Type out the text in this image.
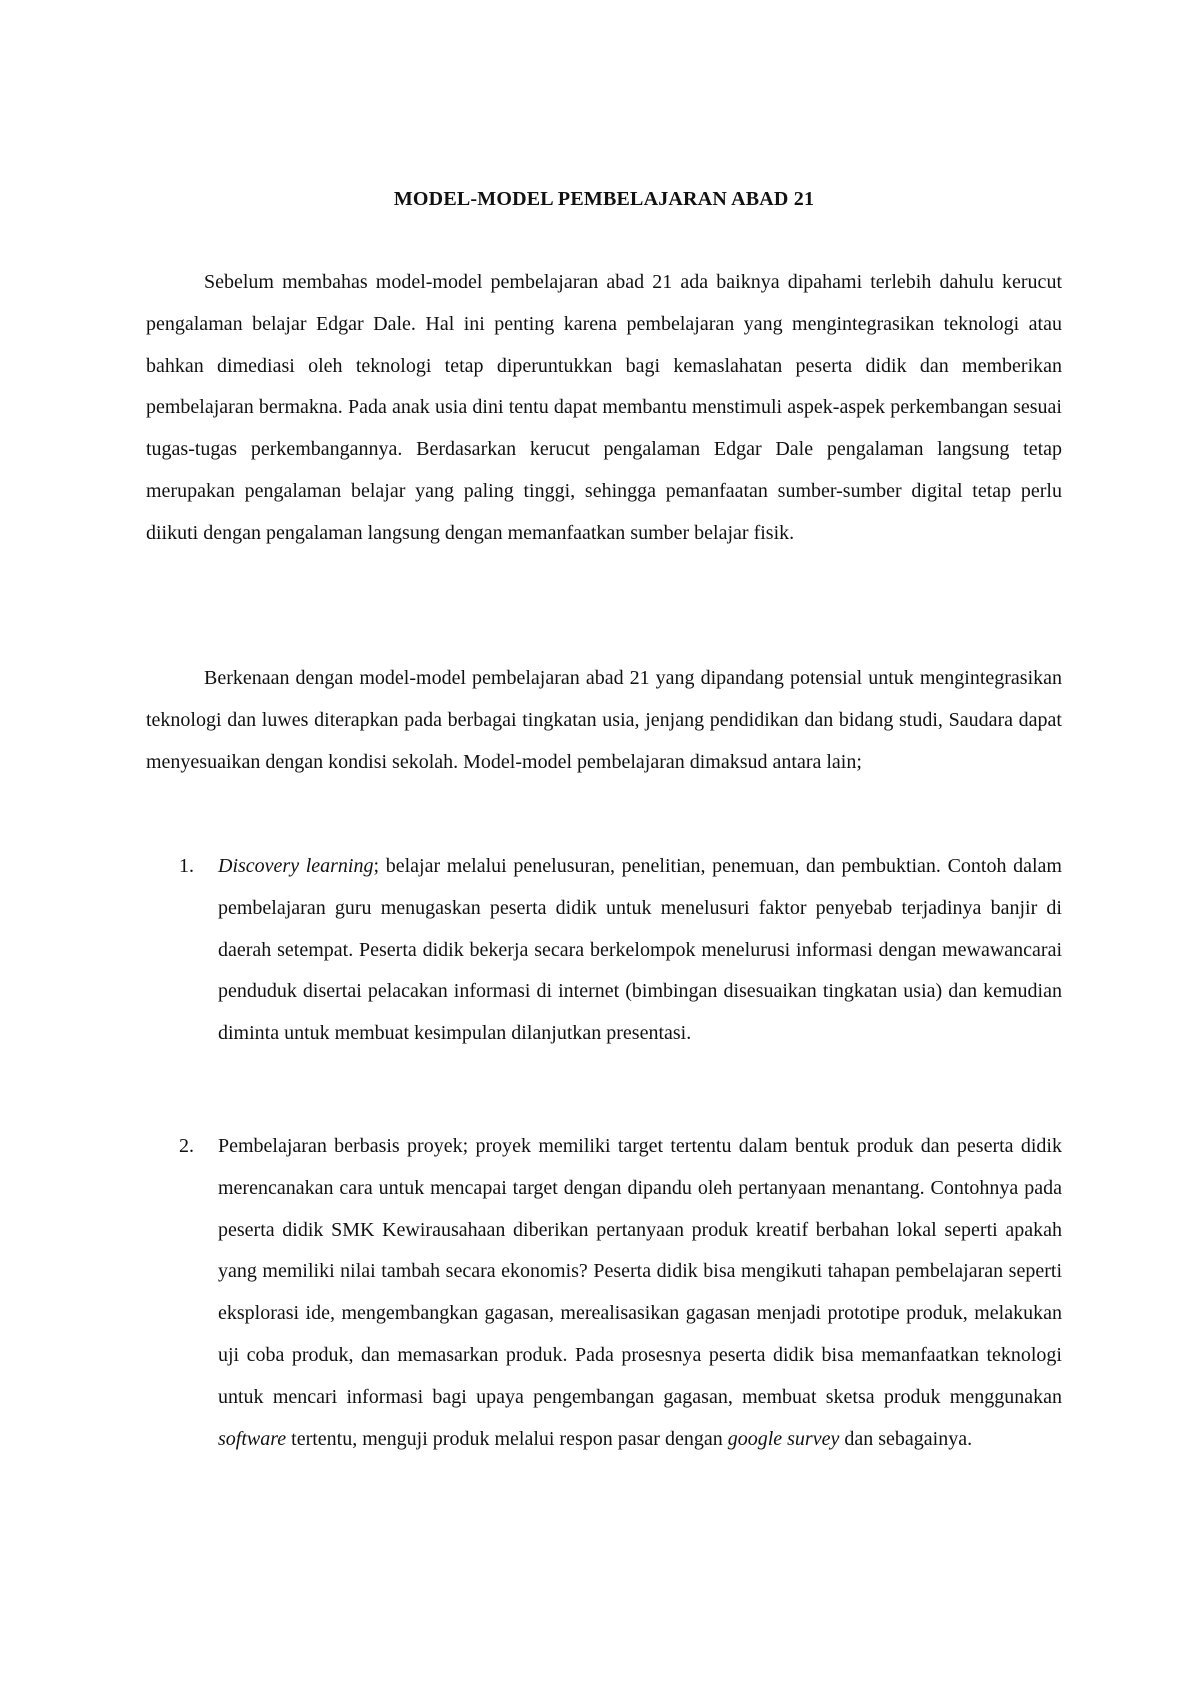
MODEL-MODEL PEMBELAJARAN ABAD 21

Sebelum membahas model-model pembelajaran abad 21 ada baiknya dipahami terlebih dahulu kerucut pengalaman belajar Edgar Dale. Hal ini penting karena pembelajaran yang mengintegrasikan teknologi atau bahkan dimediasi oleh teknologi tetap diperuntukkan bagi kemaslahatan peserta didik dan memberikan pembelajaran bermakna. Pada anak usia dini tentu dapat membantu menstimuli aspek-aspek perkembangan sesuai tugas-tugas perkembangannya. Berdasarkan kerucut pengalaman Edgar Dale pengalaman langsung tetap merupakan pengalaman belajar yang paling tinggi, sehingga pemanfaatan sumber-sumber digital tetap perlu diikuti dengan pengalaman langsung dengan memanfaatkan sumber belajar fisik.

Berkenaan dengan model-model pembelajaran abad 21 yang dipandang potensial untuk mengintegrasikan teknologi dan luwes diterapkan pada berbagai tingkatan usia, jenjang pendidikan dan bidang studi, Saudara dapat menyesuaikan dengan kondisi sekolah. Model-model pembelajaran dimaksud antara lain;

1. Discovery learning; belajar melalui penelusuran, penelitian, penemuan, dan pembuktian. Contoh dalam pembelajaran guru menugaskan peserta didik untuk menelusuri faktor penyebab terjadinya banjir di daerah setempat. Peserta didik bekerja secara berkelompok menelurusi informasi dengan mewawancarai penduduk disertai pelacakan informasi di internet (bimbingan disesuaikan tingkatan usia) dan kemudian diminta untuk membuat kesimpulan dilanjutkan presentasi.
2. Pembelajaran berbasis proyek; proyek memiliki target tertentu dalam bentuk produk dan peserta didik merencanakan cara untuk mencapai target dengan dipandu oleh pertanyaan menantang. Contohnya pada peserta didik SMK Kewirausahaan diberikan pertanyaan produk kreatif berbahan lokal seperti apakah yang memiliki nilai tambah secara ekonomis? Peserta didik bisa mengikuti tahapan pembelajaran seperti eksplorasi ide, mengembangkan gagasan, merealisasikan gagasan menjadi prototipe produk, melakukan uji coba produk, dan memasarkan produk. Pada prosesnya peserta didik bisa memanfaatkan teknologi untuk mencari informasi bagi upaya pengembangan gagasan, membuat sketsa produk menggunakan software tertentu, menguji produk melalui respon pasar dengan google survey dan sebagainya.
